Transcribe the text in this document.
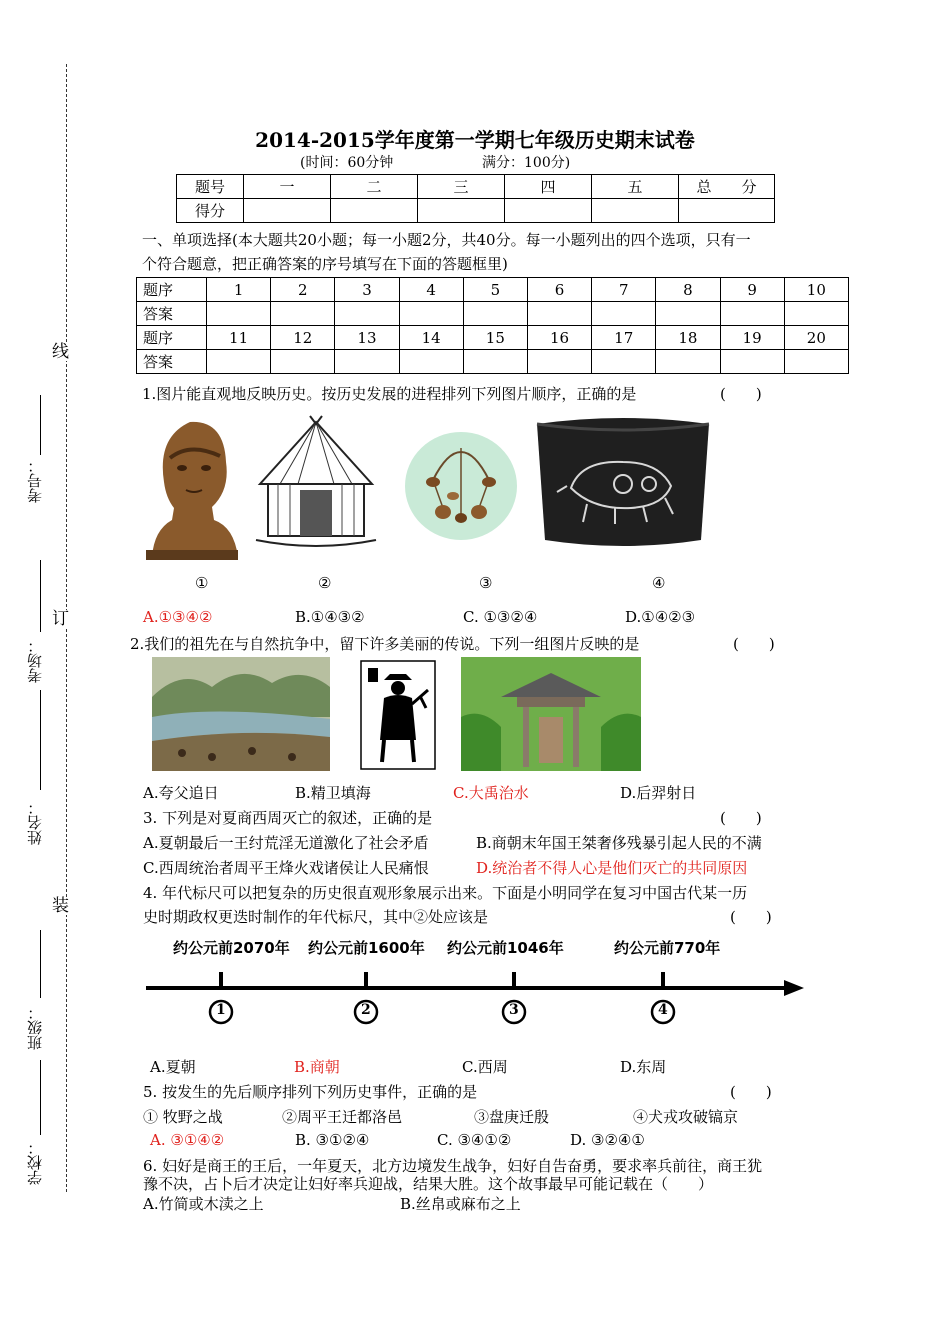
线
订
装
考号：
考场：
姓名：
班级：
学校：
2014-2015学年度第一学期七年级历史期末试卷
(时间：60分钟	满分：100分)
题号	一	二	三	四	五	总　　分
得分						
一、单项选择(本大题共20小题；每一小题2分，共40分。每一小题列出的四个选项，只有一
个符合题意，把正确答案的序号填写在下面的答题框里)
题序	1	2	3	4	5	6	7	8	9	10
答案										
题序	11	12	13	14	15	16	17	18	19	20
答案										
1.图片能直观地反映历史。按历史发展的进程排列下列图片顺序，正确的是	(　　)
①	②	③	④
A.①③④②	B.①④③②	C. ①③②④	D.①④②③
2.我们的祖先在与自然抗争中，留下许多美丽的传说。下列一组图片反映的是	(　　)
A.夸父追日	B.精卫填海	C.大禹治水	D.后羿射日
3. 下列是对夏商西周灭亡的叙述，正确的是	(　　)
A.夏朝最后一王纣荒淫无道激化了社会矛盾	B.商朝末年国王桀奢侈残暴引起人民的不满
C.西周统治者周平王烽火戏诸侯让人民痛恨	D.统治者不得人心是他们灭亡的共同原因
4. 年代标尺可以把复杂的历史很直观形象展示出来。下面是小明同学在复习中国古代某一历
史时期政权更迭时制作的年代标尺，其中②处应该是	(　　)
约公元前2070年 约公元前1600年 约公元前1046年	约公元前770年
1	2	3	4
A.夏朝	B.商朝	C.西周	D.东周
5. 按发生的先后顺序排列下列历史事件，正确的是	(　　)
① 牧野之战	②周平王迁都洛邑	③盘庚迁殷	④犬戎攻破镐京
A. ③①④②	B. ③①②④	C. ③④①②	D. ③②④①
6. 妇好是商王的王后，一年夏天，北方边境发生战争，妇好自告奋勇，要求率兵前往，商王犹
豫不决，占卜后才决定让妇好率兵迎战，结果大胜。这个故事最早可能记载在（　　）
A.竹简或木渎之上	B.丝帛或麻布之上
